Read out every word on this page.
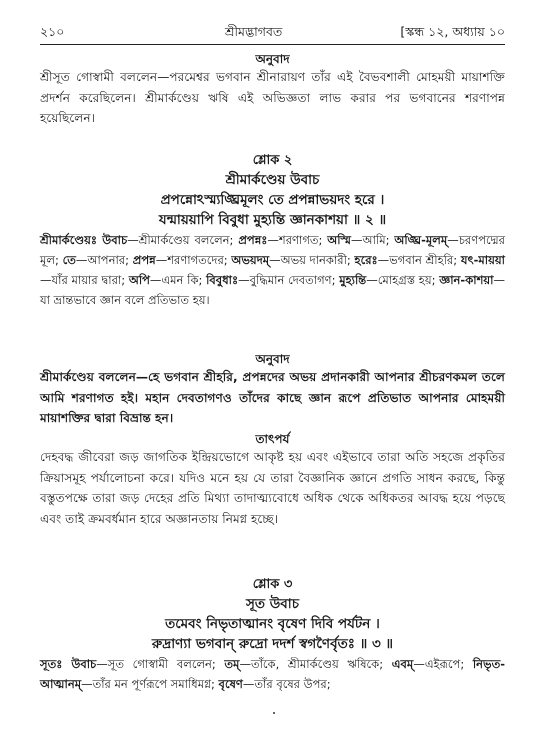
২১০	শ্রীমদ্ভাগবত	[স্কন্ধ ১২, অধ্যায় ১০
অনুবাদ

শ্রীসূত গোস্বামী বললেন—পরমেশ্বর ভগবান শ্রীনারায়ণ তাঁর এই বৈভবশালী মোহময়ী মায়াশক্তি প্রদর্শন করেছিলেন। শ্রীমার্কণ্ডেয় ঋষি এই অভিজ্ঞতা লাভ করার পর ভগবানের শরণাপন্ন হয়েছিলেন।

শ্লোক ২
শ্রীমার্কণ্ডেয় উবাচ
প্রপন্নোঽস্ম্যঙ্ঘ্রিমূলং তে প্রপন্নাভয়দং হরে ।
যন্মায়য়াপি বিবুধা মুহ্যন্তি জ্ঞানকাশয়া ॥ ২ ॥

শ্রীমার্কণ্ডেয়ঃ উবাচ—শ্রীমার্কণ্ডেয় বললেন; প্রপন্নঃ—শরণাগত; অস্মি—আমি; অঙ্ঘ্রি-মূলম্—চরণপদ্মের মূল; তে—আপনার; প্রপন্ন—শরণাগতদের; অভয়দম্—অভয় দানকারী; হরেঃ—ভগবান শ্রীহরি; যৎ-মায়য়া—যাঁর মায়ার দ্বারা; অপি—এমন কি; বিবুধাঃ—বুদ্ধিমান দেবতাগণ; মুহ্যন্তি—মোহগ্রস্ত হয়; জ্ঞান-কাশয়া—যা ভ্রান্তভাবে জ্ঞান বলে প্রতিভাত হয়।

অনুবাদ

শ্রীমার্কণ্ডেয় বললেন—হে ভগবান শ্রীহরি, প্রপন্নদের অভয় প্রদানকারী আপনার শ্রীচরণকমল তলে আমি শরণাগত হই। মহান দেবতাগণও তাঁদের কাছে জ্ঞান রূপে প্রতিভাত আপনার মোহময়ী মায়াশক্তির দ্বারা বিভ্রান্ত হন।

তাৎপর্য

দেহবদ্ধ জীবেরা জড় জাগতিক ইন্দ্রিয়ভোগে আকৃষ্ট হয় এবং এইভাবে তারা অতি সহজে প্রকৃতির ক্রিয়াসমূহ পর্যালোচনা করে। যদিও মনে হয় যে তারা বৈজ্ঞানিক জ্ঞানে প্রগতি সাধন করছে, কিন্তু বস্তুতপক্ষে তারা জড় দেহের প্রতি মিথ্যা তাদাত্ম্যবোধে অধিক থেকে অধিকতর আবদ্ধ হয়ে পড়ছে এবং তাই ক্রমবর্ধমান হারে অজ্ঞানতায় নিমগ্ন হচ্ছে।

শ্লোক ৩
সূত উবাচ
তমেবং নিভৃতাত্মানং বৃষেণ দিবি পর্যটন ।
রুদ্রাণ্যা ভগবান্ রুদ্রো দদর্শ স্বগণৈর্বৃতঃ ॥ ৩ ॥

সূতঃ উবাচ—সূত গোস্বামী বললেন; তম্—তাঁকে, শ্রীমার্কণ্ডেয় ঋষিকে; এবম্—এইরূপে; নিভৃত-আত্মানম্—তাঁর মন পূর্ণরূপে সমাধিমগ্ন; বৃষেণ—তাঁর বৃষের উপর;
